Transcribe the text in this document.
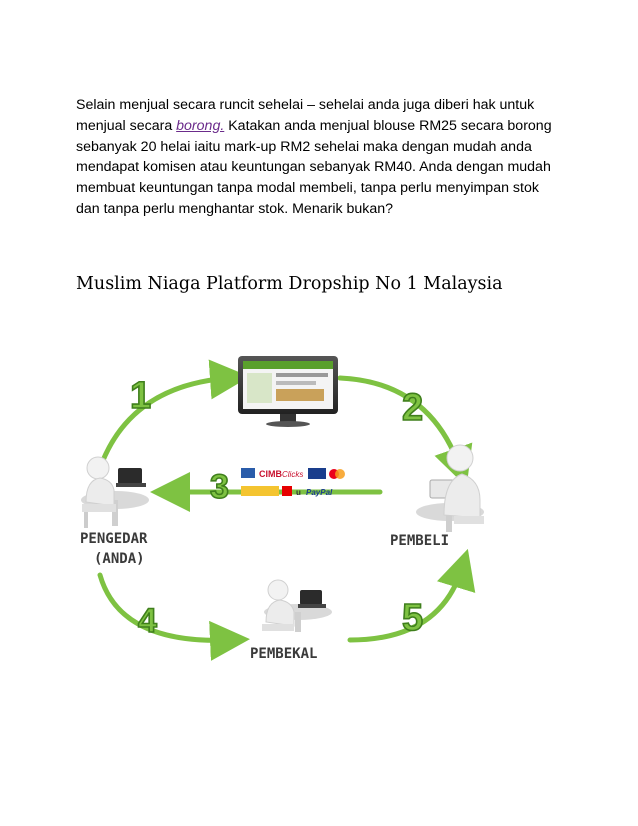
Selain menjual secara runcit sehelai – sehelai anda juga diberi hak untuk menjual secara borong. Katakan anda menjual blouse RM25 secara borong sebanyak 20 helai iaitu mark-up RM2 sehelai maka dengan mudah anda mendapat komisen atau keuntungan sebanyak RM40. Anda dengan mudah membuat keuntungan tanpa modal membeli, tanpa perlu menyimpan stok dan tanpa perlu menghantar stok. Menarik bukan?

Muslim Niaga Platform Dropship No 1 Malaysia
1	2
3
4	5
CIMB Clicks
u PayPal
PENGEDAR
(ANDA)
PEMBELI
PEMBEKAL
